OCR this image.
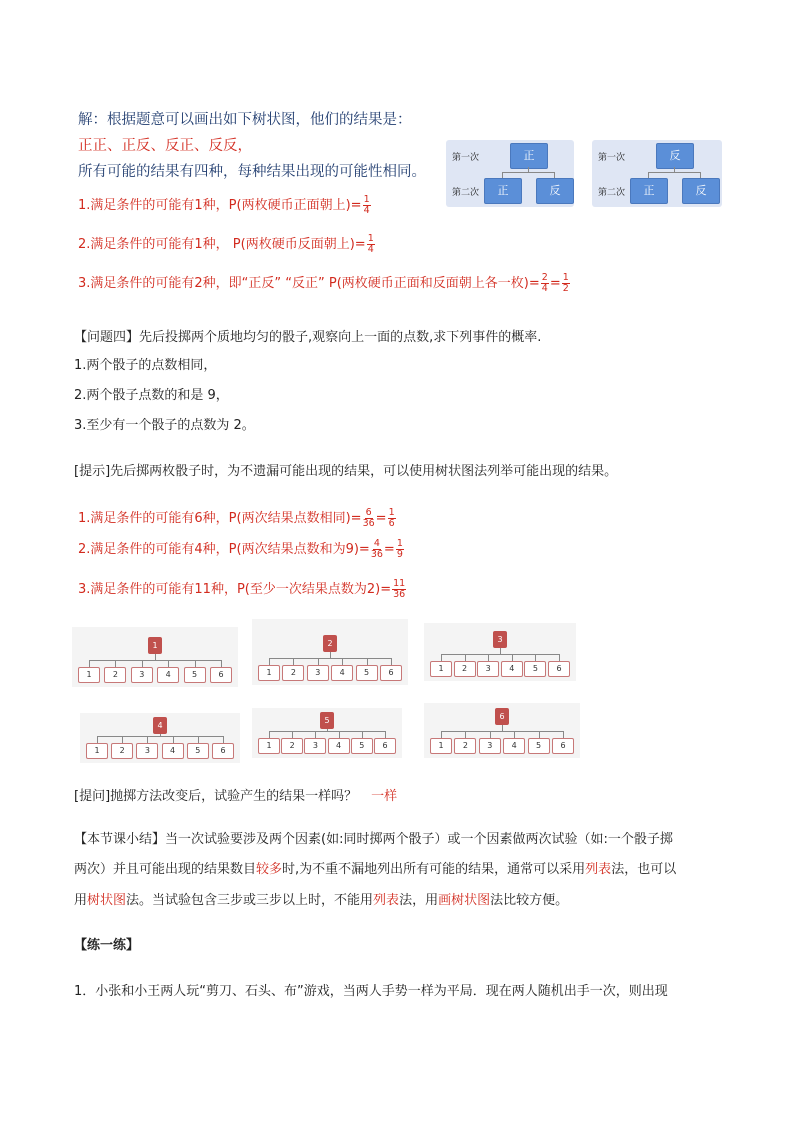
解：根据题意可以画出如下树状图，他们的结果是：
正正、正反、反正、反反，
所有可能的结果有四种，每种结果出现的可能性相同。
1.满足条件的可能有1种，P(两枚硬币正面朝上)= $\frac{1}{4}$
2.满足条件的可能有1种， P(两枚硬币反面朝上)= $\frac{1}{4}$
3.满足条件的可能有2种，即“正反” “反正” P(两枚硬币正面和反面朝上各一枚)= $\frac{2}{4} = \frac{1}{2}$
第一次
第二次
正
正	反
第一次
第二次
反
正	反
【问题四】先后投掷两个质地均匀的骰子,观察向上一面的点数,求下列事件的概率.
1.两个骰子的点数相同，
2.两个骰子点数的和是 9，
3.至少有一个骰子的点数为 2。
[提示]先后掷两枚骰子时，为不遗漏可能出现的结果，可以使用树状图法列举可能出现的结果。
1.满足条件的可能有6种，P(两次结果点数相同)= $\frac{6}{36} = \frac{1}{6}$
2.满足条件的可能有4种，P(两次结果点数和为$9)= \frac{4}{36} = \frac{1}{9}$
3.满足条件的可能有11种，P(至少一次结果点数为$2)= \frac{11}{36}$
1
1	2	3	4	5	6
2
1	2	3	4	5	6
3
1	2	3	4	5	6
4
1	2	3	4	5	6
5
1	2	3	4	5	6
6
1	2	3	4	5	6
[提问]抛掷方法改变后，试验产生的结果一样吗？ 一样
【本节课小结】当一次试验要涉及两个因素(如:同时掷两个骰子）或一个因素做两次试验（如:一个骰子掷
两次）并且可能出现的结果数目较多时,为不重不漏地列出所有可能的结果，通常可以采用列表法，也可以
用树状图法。当试验包含三步或三步以上时，不能用列表法，用画树状图法比较方便。
【练一练】
1．小张和小王两人玩“剪刀、石头、布”游戏，当两人手势一样为平局．现在两人随机出手一次，则出现
